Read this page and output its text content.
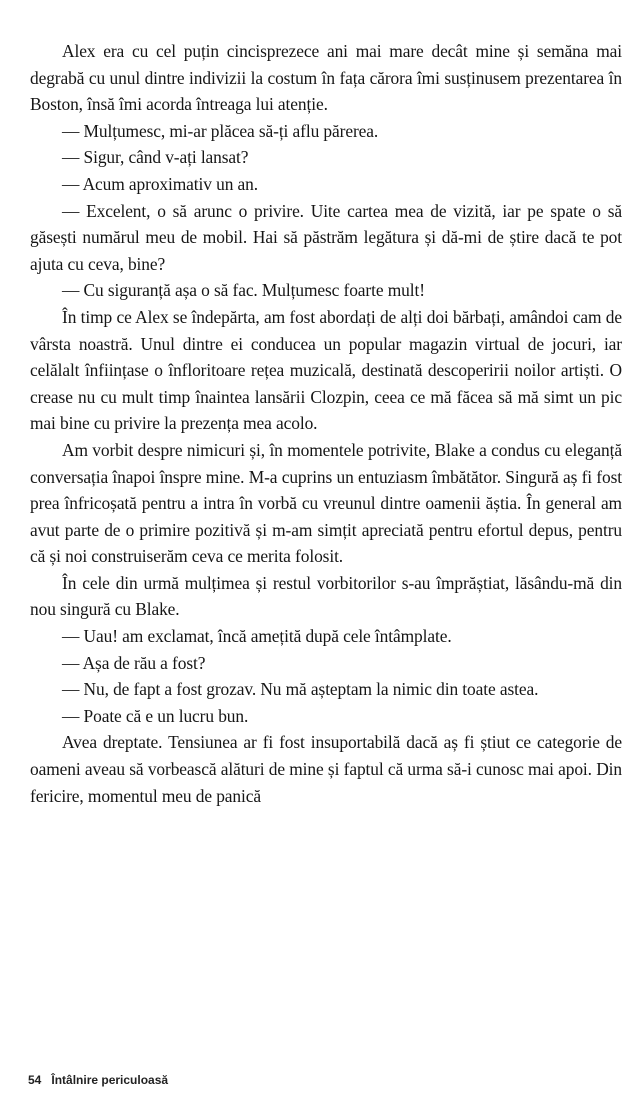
Alex era cu cel puțin cincisprezece ani mai mare decât mine și semăna mai degrabă cu unul dintre indivizii la costum în fața cărora îmi susținusem prezentarea în Boston, însă îmi acorda întreaga lui atenție.

— Mulțumesc, mi-ar plăcea să-ți aflu părerea.

— Sigur, când v-ați lansat?

— Acum aproximativ un an.

— Excelent, o să arunc o privire. Uite cartea mea de vizită, iar pe spate o să găsești numărul meu de mobil. Hai să păstrăm legătura și dă-mi de știre dacă te pot ajuta cu ceva, bine?

— Cu siguranță așa o să fac. Mulțumesc foarte mult!

În timp ce Alex se îndepărta, am fost abordați de alți doi bărbați, amândoi cam de vârsta noastră. Unul dintre ei conducea un popular magazin virtual de jocuri, iar celălalt înființase o înfloritoare rețea muzicală, destinată descoperirii noilor artiști. O crease nu cu mult timp înaintea lansării Clozpin, ceea ce mă făcea să mă simt un pic mai bine cu privire la prezența mea acolo.

Am vorbit despre nimicuri și, în momentele potrivite, Blake a condus cu eleganță conversația înapoi înspre mine. M-a cuprins un entuziasm îmbătător. Singură aș fi fost prea înfricoșată pentru a intra în vorbă cu vreunul dintre oamenii ăștia. În general am avut parte de o primire pozitivă și m-am simțit apreciată pentru efortul depus, pentru că și noi construiserăm ceva ce merita folosit.

În cele din urmă mulțimea și restul vorbitorilor s-au împrăștiat, lăsându-mă din nou singură cu Blake.

— Uau! am exclamat, încă amețită după cele întâmplate.

— Așa de rău a fost?

— Nu, de fapt a fost grozav. Nu mă așteptam la nimic din toate astea.

— Poate că e un lucru bun.

Avea dreptate. Tensiunea ar fi fost insuportabilă dacă aș fi știut ce categorie de oameni aveau să vorbească alături de mine și faptul că urma să-i cunosc mai apoi. Din fericire, momentul meu de panică

54 Întâlnire periculoasă
